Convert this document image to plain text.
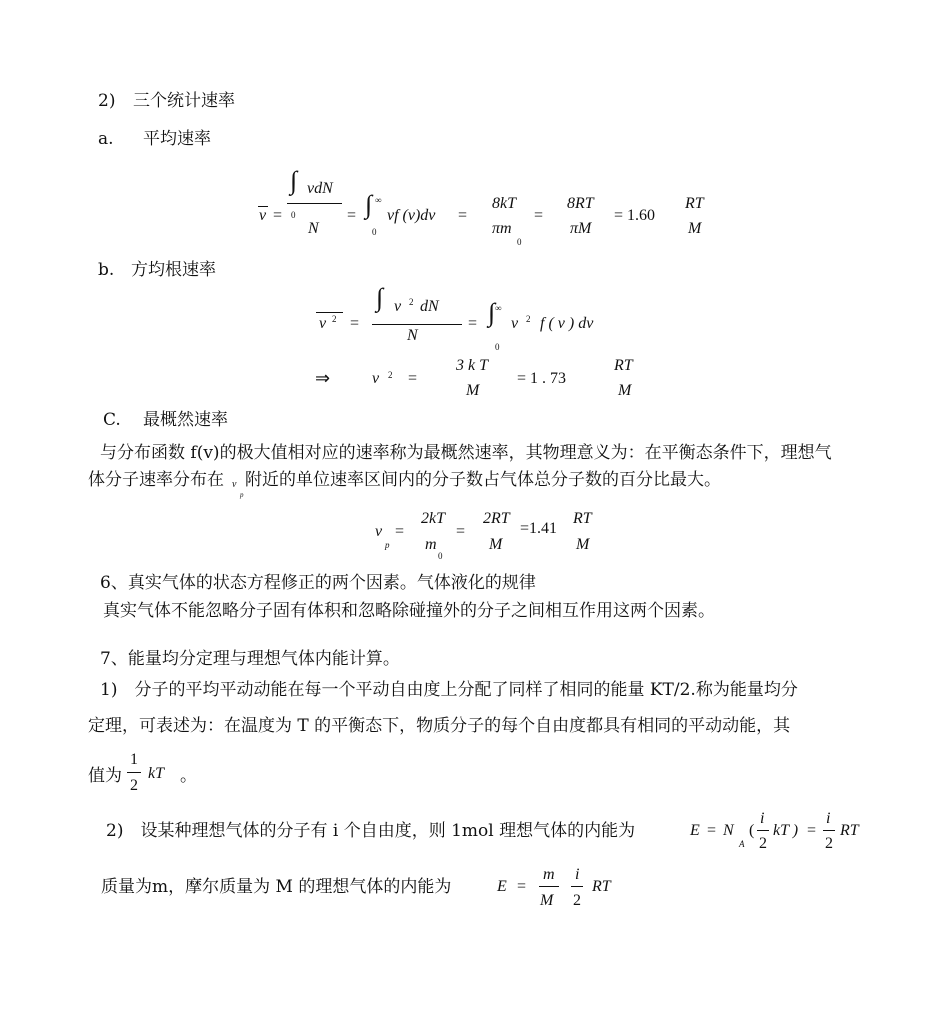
2) 三个统计速率
a. 平均速率
v =
∫ vdN
0
N
= ∫ ∞
0
vf (v)dv =
8kT
πm
0
=
8RT
πM
= 1.60
RT
M
b. 方均根速率
v 2 =
∫ v 2 dN
N
= ∫ ∞
0
v 2 f ( v ) dv
⇒	v 2 =
3 k T
M
= 1 . 73
RT
M
C. 最概然速率
与分布函数 f(v)的极大值相对应的速率称为最概然速率，其物理意义为：在平衡态条件下，理想气
体分子速率分布在 v
p
附近的单位速率区间内的分子数占气体总分子数的百分比最大。
v
p
=
2kT
m
0
=
2RT
M
=1.41
RT
M
6、真实气体的状态方程修正的两个因素。气体液化的规律
真实气体不能忽略分子固有体积和忽略除碰撞外的分子之间相互作用这两个因素。
7、能量均分定理与理想气体内能计算。
1)　分子的平均平动动能在每一个平动自由度上分配了同样了相同的能量 KT/2.称为能量均分
定理，可表述为：在温度为 T 的平衡态下，物质分子的每个自由度都具有相同的平动动能，其
值为
1
2
kT 。
2)　设某种理想气体的分子有 i 个自由度，则 1mol 理想气体的内能为	E = N
A
(
i
2
kT ) =
i
2
RT
质量为m，摩尔质量为 M 的理想气体的内能为	E =
m
M
i
2
RT
